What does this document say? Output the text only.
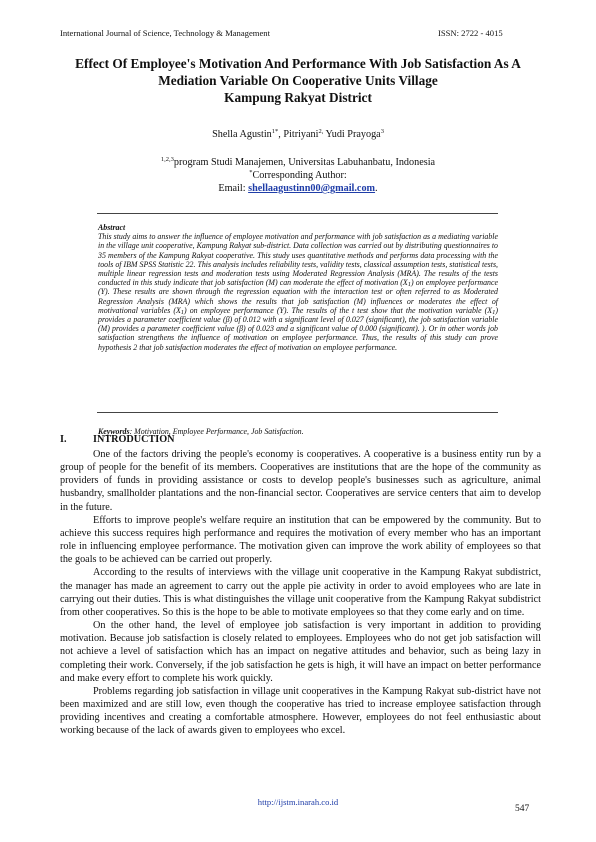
International Journal of Science, Technology & Management	ISSN: 2722 - 4015
Effect Of Employee's Motivation And Performance With Job Satisfaction As A
Mediation Variable On Cooperative Units Village
Kampung Rakyat District
Shella Agustin$^{1*}$, Pitriyani$^{2,}$ Yudi Prayoga$^3$
$^{1,2,3}$program Studi Manajemen, Universitas Labuhanbatu, Indonesia
*Corresponding Author:
Email: shellaagustinn00@gmail.com.
Abstract
This study aims to answer the influence of employee motivation and performance with job satisfaction as a mediating variable in the village unit cooperative, Kampung Rakyat sub-district. Data collection was carried out by distributing questionnaires to 35 members of the Kampung Rakyat cooperative. This study uses quantitative methods and performs data processing with the tools of IBM SPSS Statistic 22. This analysis includes reliability tests, validity tests, classical assumption tests, statistical tests, multiple linear regression tests and moderation tests using Moderated Regression Analysis (MRA). The results of the tests conducted in this study indicate that job satisfaction (M) can moderate the effect of motivation $(X_1)$ on employee performance (Y). These results are shown through the regression equation with the interaction test or often referred to as Moderated Regression Analysis (MRA) which shows the results that job satisfaction (M) influences or moderates the effect of motivational variables $(X_1)$ on employee performance (Y). The results of the t test show that the motivation variable $(X_1)$ provides a parameter coefficient value (β) of 0.012 with a significant level of 0.027 (significant), the job satisfaction variable (M) provides a parameter coefficient value (β) of 0.023 and a significant value of 0.000 (significant). ). Or in other words job satisfaction strengthens the influence of motivation on employee performance. Thus, the results of this study can prove hypothesis 2 that job satisfaction moderates the effect of motivation on employee performance.
Keywords: Motivation, Employee Performance, Job Satisfaction.
I.	INTRODUCTION

One of the factors driving the people's economy is cooperatives. A cooperative is a business entity run by a group of people for the benefit of its members. Cooperatives are institutions that are the hope of the community as providers of funds in providing assistance or costs to develop people's businesses such as agriculture, animal husbandry, smallholder plantations and the non-financial sector. Cooperatives are service centers that aim to develop in the future.

Efforts to improve people's welfare require an institution that can be empowered by the community. But to achieve this success requires high performance and requires the motivation of every member who has an important role in influencing employee performance. The motivation given can improve the work ability of employees so that the goals to be achieved can be carried out properly.

According to the results of interviews with the village unit cooperative in the Kampung Rakyat subdistrict, the manager has made an agreement to carry out the apple pie activity in order to avoid employees who are late in carrying out their duties. This is what distinguishes the village unit cooperative from the Kampung Rakyat subdistrict from other cooperatives. So this is the hope to be able to motivate employees so that they come early and on time.

On the other hand, the level of employee job satisfaction is very important in addition to providing motivation. Because job satisfaction is closely related to employees. Employees who do not get job satisfaction will not achieve a level of satisfaction which has an impact on negative attitudes and behavior, such as being lazy in completing their work. Conversely, if the job satisfaction he gets is high, it will have an impact on better performance and make every effort to complete his work quickly.

Problems regarding job satisfaction in village unit cooperatives in the Kampung Rakyat sub-district have not been maximized and are still low, even though the cooperative has tried to increase employee satisfaction through providing incentives and creating a comfortable atmosphere. However, employees do not feel enthusiastic about working because of the lack of awards given to employees who excel.

http://ijstm.inarah.co.id
547
